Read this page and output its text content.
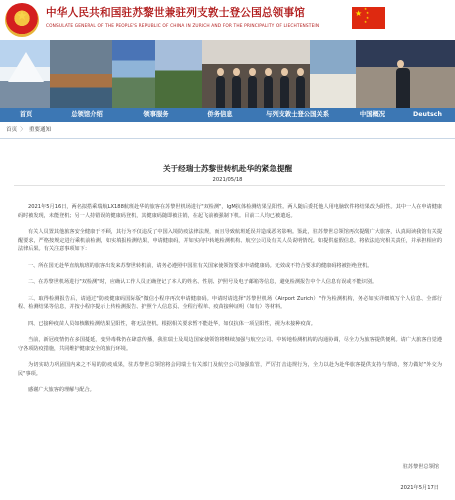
★	中华人民共和国驻苏黎世兼驻列支敦士登公国总领事馆
CONSULATE GENERAL OF THE PEOPLE'S REPUBLIC OF CHINA IN ZURICH AND FOR THE PRINCIPALITY OF LIECHTENSTEIN
★ ★
★
★
★
首页	总领馆介绍	领事服务	侨务信息	与列支敦士登公国关系	中国概况	Deutsch
首页 〉 重要通知
关于经瑞士苏黎世转机赴华的紧急提醒
2021/05/18

2021年5月16日，两名拟搭乘瑞航LX188航班赴华的旅客在苏黎世机场进行"双检测"，IgM抗体检测结果呈阳性。两人随后委托他人用电脑软件将结果改为阴性。其中一人在申请健康码时被发现，未能登机；另一人持错误的健康码登机，其健康码随即被注销，在起飞前被强制下机。目前二人均已被遣返。

有关人员置其他旅客安全健康于不顾，其行为不仅违反了中国入境防疫法律法规，而且导致航班延误并造成恶劣影响。鉴此，驻苏黎世总领馆再次提醒广大旅客，认真阅读我馆有关提醒要求，严格按规定进行乘机前检测，如实填报检测结果，申请健康码，并如实向中转地检测机构、航空公司及有关人员说明情况。如提供虚假信息，将依法追究相关责任，并承担相应的法律后果。有关注意事项如下：

一、所在国无赴华直航航班的旅客出发来苏黎世转机前，请务必遵照中国驻有关国家使领馆要求申请健康码。无效或不符合要求的健康码将被拒绝登机。

二、在苏黎世机场进行"双检测"时，应确认工作人员正确登记了本人的姓名、性别、护照号及电子邮箱等信息，避免检测报告中个人信息有误或不能识别。

三、取得检测报告后，请通过"防疫健康码国际版"微信小程序再次申请健康码。申请时请选择"苏黎世机场（Airport Zurich）"作为检测机构，务必如实详细填写个人信息、全部行程、检测结果等信息，并按小程序提示上传检测报告、护照个人信息页、全程行程单、疫苗接种证明（如有）等材料。

四、已接种疫苗人员如核酸检测结果呈阳性，将无法登机。根据相关要求暂不能赴华，如仅抗体一项呈阳性，视为未接种疫苗。

当前，新冠疫情仍在多国蔓延，变异毒株仍在肆意传播，我驻瑞士及周边国家使领馆将继续加强与航空公司、中转地检测机构的沟通协调，尽全力为旅客提供便利。请广大旅客自觉遵守各项防疫措施，共同维护健康安全的旅行环境。

为切实助力巩固国内来之不易的防疫成果，驻苏黎世总领馆将会同瑞士有关部门及航空公司加强监管，严厉打击违规行为，全力以赴为赴华旅客提供支持与帮助，努力做好"外交为民"事项。

感谢广大旅客的理解与配合。

驻苏黎世总领馆
2021年5月17日
